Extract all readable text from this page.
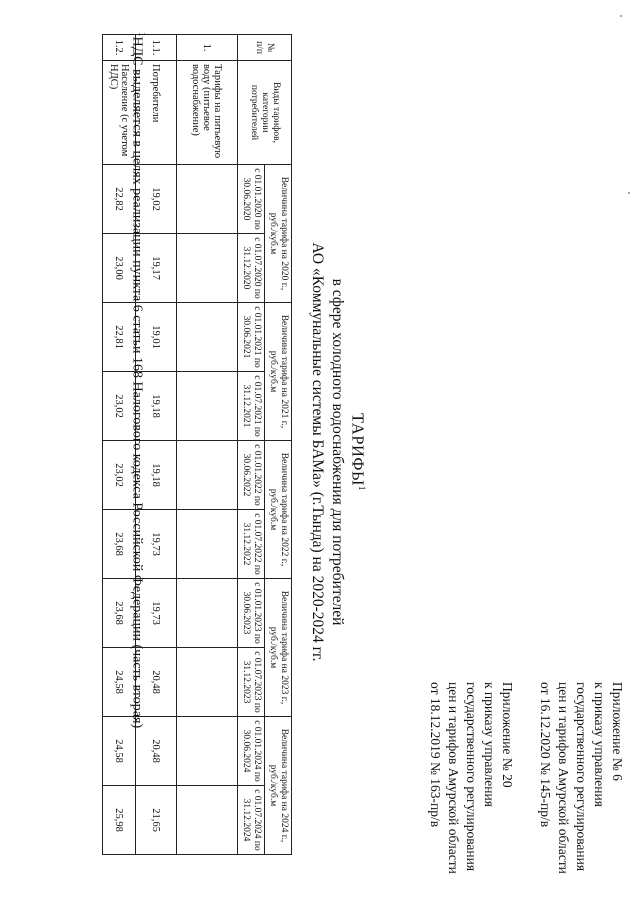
Приложение № 6
к приказу управления
государственного регулирования
цен и тарифов Амурской области
от 16.12.2020 № 145-пр/в
Приложение № 20
к приказу управления
государственного регулирования
цен и тарифов Амурской области
от 18.12.2019 № 163-пр/в
ТАРИФЫ$^1$
в сфере холодного водоснабжения для потребителей
АО «Коммунальные системы БАМа» (г.Тында) на 2020-2024 гг.
№ п/п	Виды тарифов, категории потребителей	Величина тарифа на 2020 г., руб./куб.м		Величина тарифа на 2021 г., руб./куб.м		Величина тарифа на 2022 г., руб./куб.м		Величина тарифа на 2023 г., руб./куб.м		Величина тарифа на 2024 г., руб./куб.м	
		с 01.01.2020 по 30.06.2020	с 01.07.2020 по 31.12.2020	с 01.01.2021 по 30.06.2021	с 01.07.2021 по 31.12.2021	с 01.01.2022 по 30.06.2022	с 01.07.2022 по 31.12.2022	с 01.01.2023 по 30.06.2023	с 01.07.2023 по 31.12.2023	с 01.01.2024 по 30.06.2024	с 01.07.2024 по 31.12.2024
1.	Тарифы на питьевую воду (питьевое водоснабжение)										
1.1.	Потребители	19,02	19,17	19,01	19,18	19,18	19,73	19,73	20,48	20,48	21,65
1.2.	Население (с учетом НДС)	22,82	23,00	22,81	23,02	23,02	23,68	23,68	24,58	24,58	25,98
$^1$НДС выделяется в целях реализации пункта 6 статьи 168 Налогового кодекса Российской Федерации (часть вторая)
